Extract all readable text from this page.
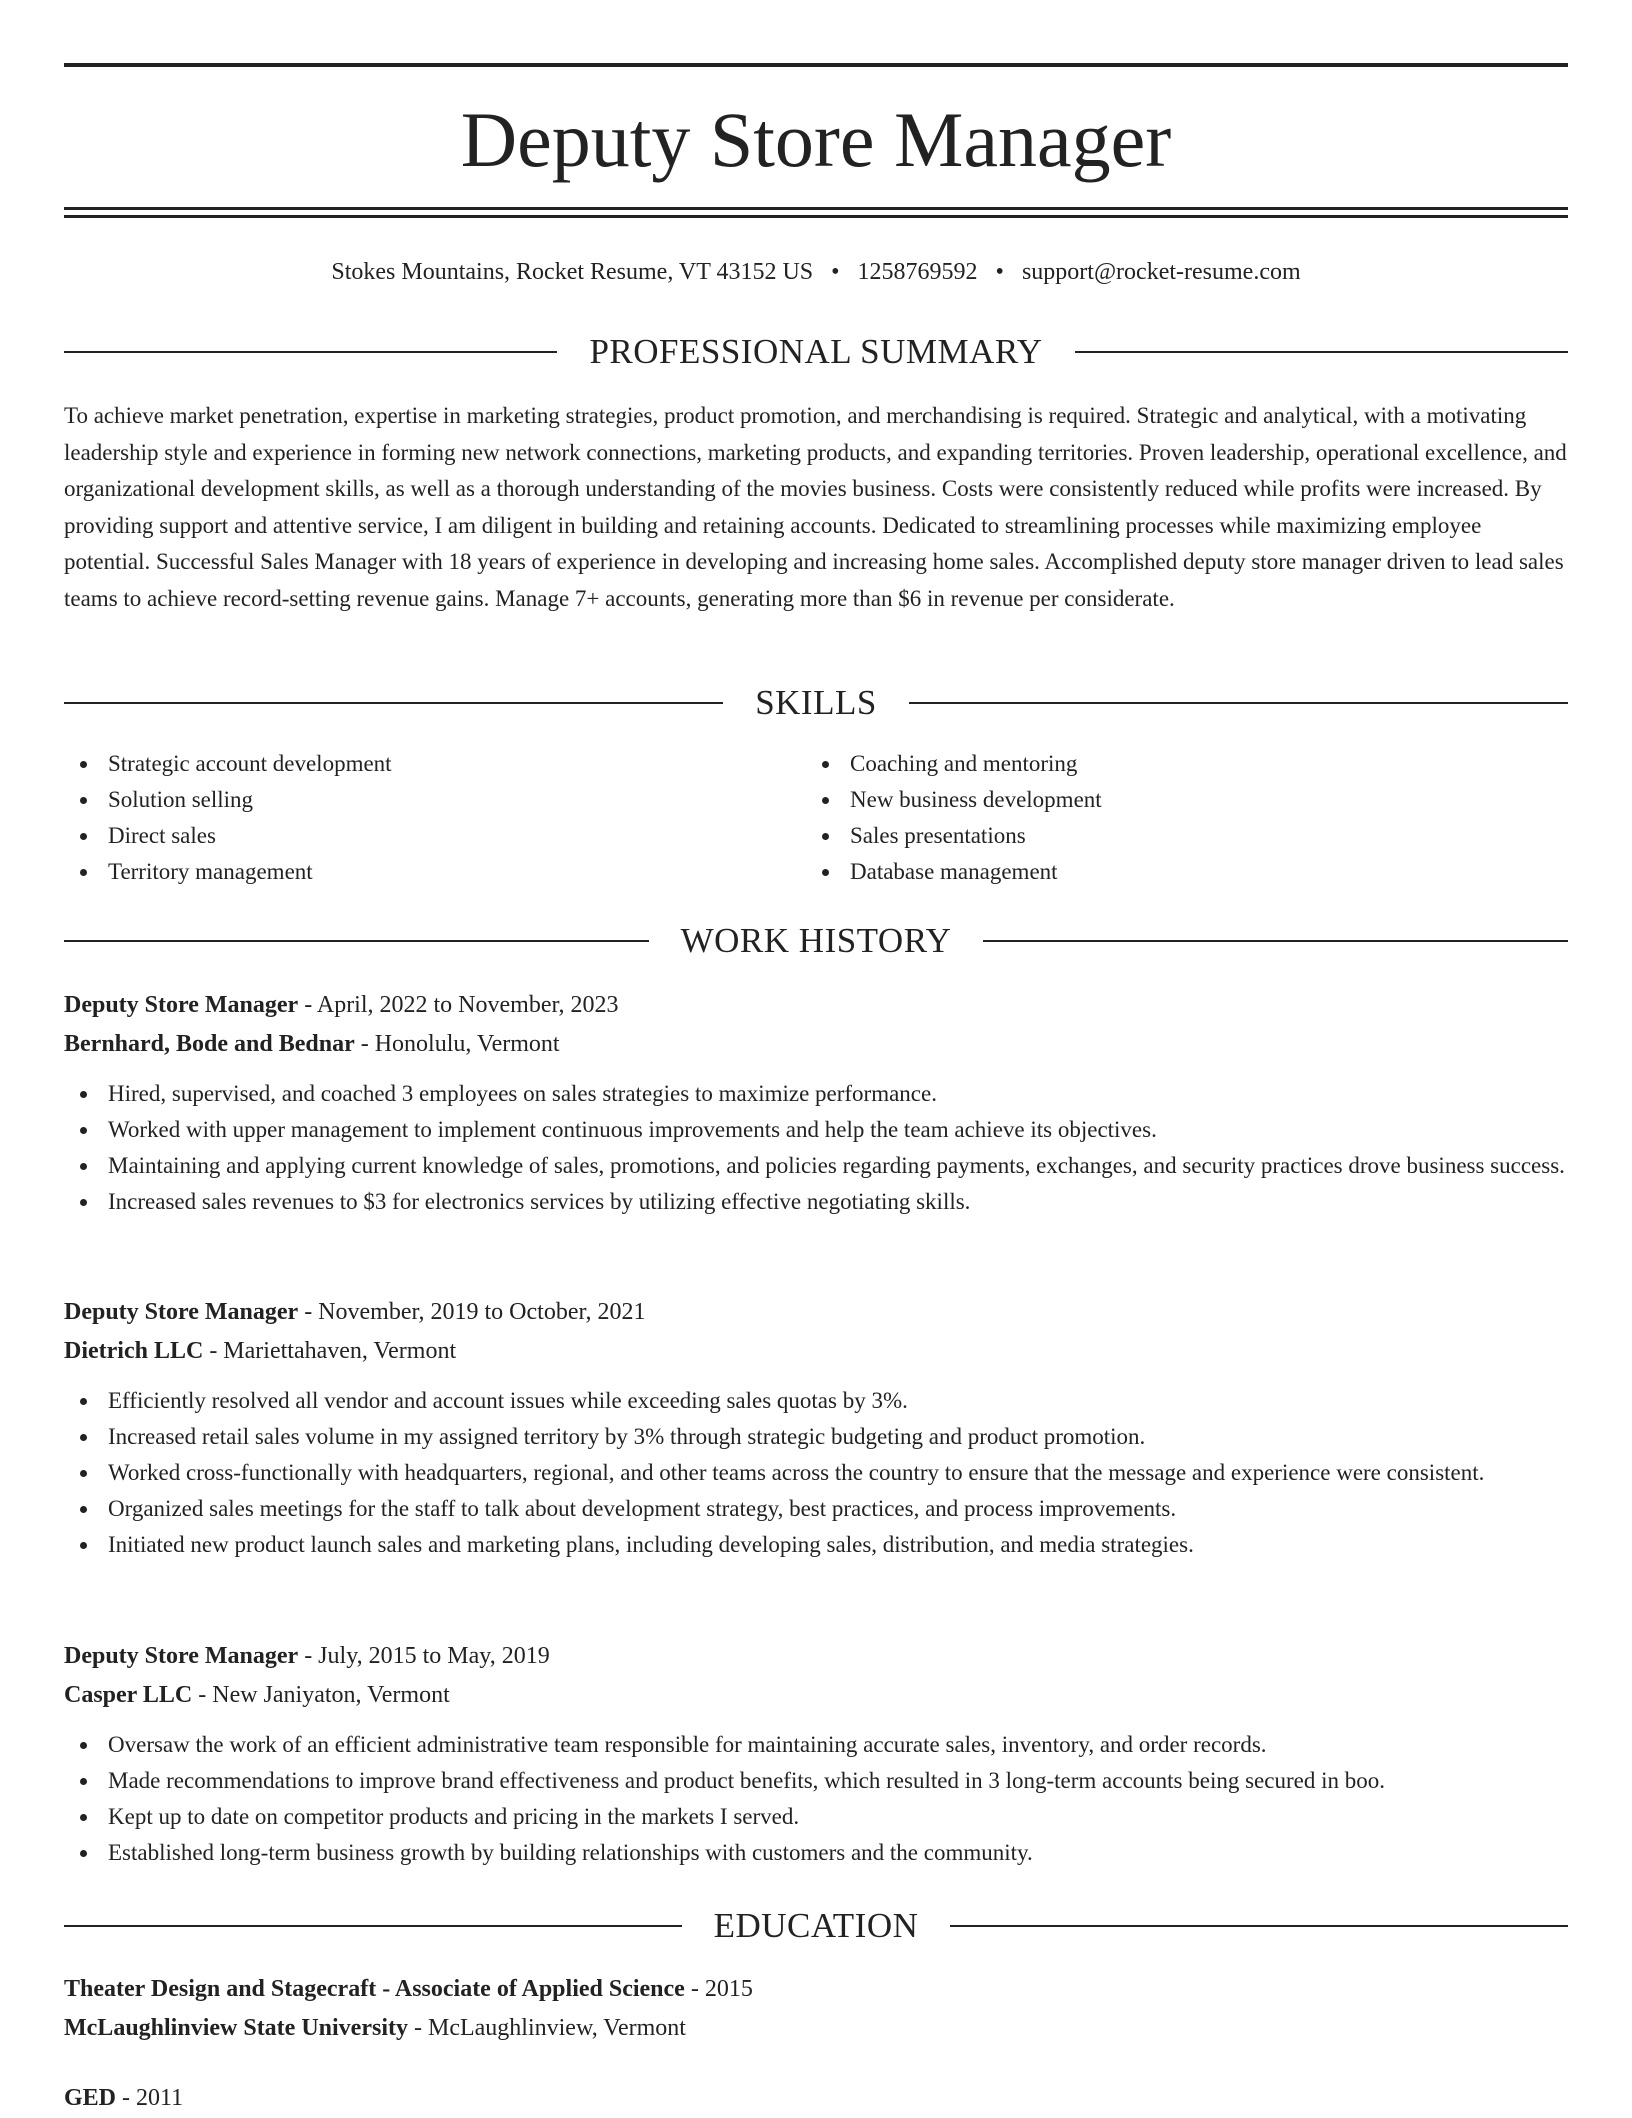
Deputy Store Manager
Stokes Mountains, Rocket Resume, VT 43152 US • 1258769592 • support@rocket-resume.com
PROFESSIONAL SUMMARY

To achieve market penetration, expertise in marketing strategies, product promotion, and merchandising is required. Strategic and analytical, with a motivating leadership style and experience in forming new network connections, marketing products, and expanding territories. Proven leadership, operational excellence, and organizational development skills, as well as a thorough understanding of the movies business. Costs were consistently reduced while profits were increased. By providing support and attentive service, I am diligent in building and retaining accounts. Dedicated to streamlining processes while maximizing employee potential. Successful Sales Manager with 18 years of experience in developing and increasing home sales. Accomplished deputy store manager driven to lead sales teams to achieve record-setting revenue gains. Manage 7+ accounts, generating more than $6 in revenue per considerate.

SKILLS
Strategic account development
Solution selling
Direct sales
Territory management
Coaching and mentoring
New business development
Sales presentations
Database management
WORK HISTORY
Deputy Store Manager - April, 2022 to November, 2023
Bernhard, Bode and Bednar - Honolulu, Vermont
Hired, supervised, and coached 3 employees on sales strategies to maximize performance.
Worked with upper management to implement continuous improvements and help the team achieve its objectives.
Maintaining and applying current knowledge of sales, promotions, and policies regarding payments, exchanges, and security practices drove business success.
Increased sales revenues to $3 for electronics services by utilizing effective negotiating skills.
Deputy Store Manager - November, 2019 to October, 2021
Dietrich LLC - Mariettahaven, Vermont
Efficiently resolved all vendor and account issues while exceeding sales quotas by 3%.
Increased retail sales volume in my assigned territory by 3% through strategic budgeting and product promotion.
Worked cross-functionally with headquarters, regional, and other teams across the country to ensure that the message and experience were consistent.
Organized sales meetings for the staff to talk about development strategy, best practices, and process improvements.
Initiated new product launch sales and marketing plans, including developing sales, distribution, and media strategies.
Deputy Store Manager - July, 2015 to May, 2019
Casper LLC - New Janiyaton, Vermont
Oversaw the work of an efficient administrative team responsible for maintaining accurate sales, inventory, and order records.
Made recommendations to improve brand effectiveness and product benefits, which resulted in 3 long-term accounts being secured in boo.
Kept up to date on competitor products and pricing in the markets I served.
Established long-term business growth by building relationships with customers and the community.
EDUCATION
Theater Design and Stagecraft - Associate of Applied Science - 2015
McLaughlinview State University - McLaughlinview, Vermont
GED - 2011
